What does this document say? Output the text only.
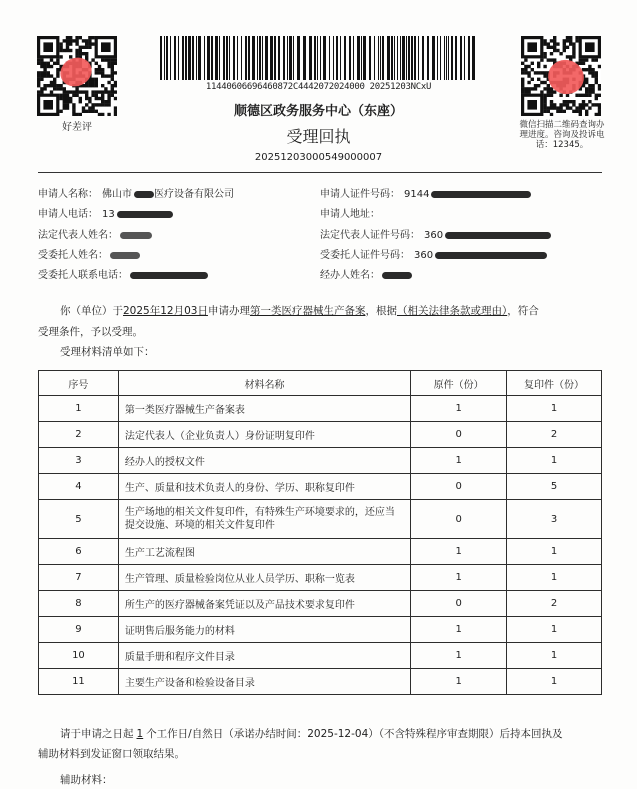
好差评	微信扫描二维码查询办理进度。咨询及投诉电话：12345。
11440606696460872C4442072024000 20251203NCxU
顺德区政务服务中心（东座）
受理回执
20251203000549000007
申请人名称： 佛山市 医疗设备有限公司
申请人电话： 13
法定代表人姓名：
受委托人姓名：
受委托人联系电话：
申请人证件号码： 9144
申请人地址：
法定代表人证件号码： 360
受委托人证件号码： 360
经办人姓名：
你（单位）于2025年12月03日申请办理第一类医疗器械生产备案，根据（相关法律条款或理由），符合
受理条件，予以受理。
受理材料清单如下：
序号	材料名称	原件（份）	复印件（份）
1	第一类医疗器械生产备案表	1	1
2	法定代表人（企业负责人）身份证明复印件	0	2
3	经办人的授权文件	1	1
4	生产、质量和技术负责人的身份、学历、职称复印件	0	5
5	生产场地的相关文件复印件，有特殊生产环境要求的，还应当提交设施、环境的相关文件复印件	0	3
6	生产工艺流程图	1	1
7	生产管理、质量检验岗位从业人员学历、职称一览表	1	1
8	所生产的医疗器械备案凭证以及产品技术要求复印件	0	2
9	证明售后服务能力的材料	1	1
10	质量手册和程序文件目录	1	1
11	主要生产设备和检验设备目录	1	1
请于申请之日起 1 个工作日/自然日（承诺办结时间：2025-12-04）（不含特殊程序审查期限）后持本回执及
辅助材料到发证窗口领取结果。
辅助材料：
